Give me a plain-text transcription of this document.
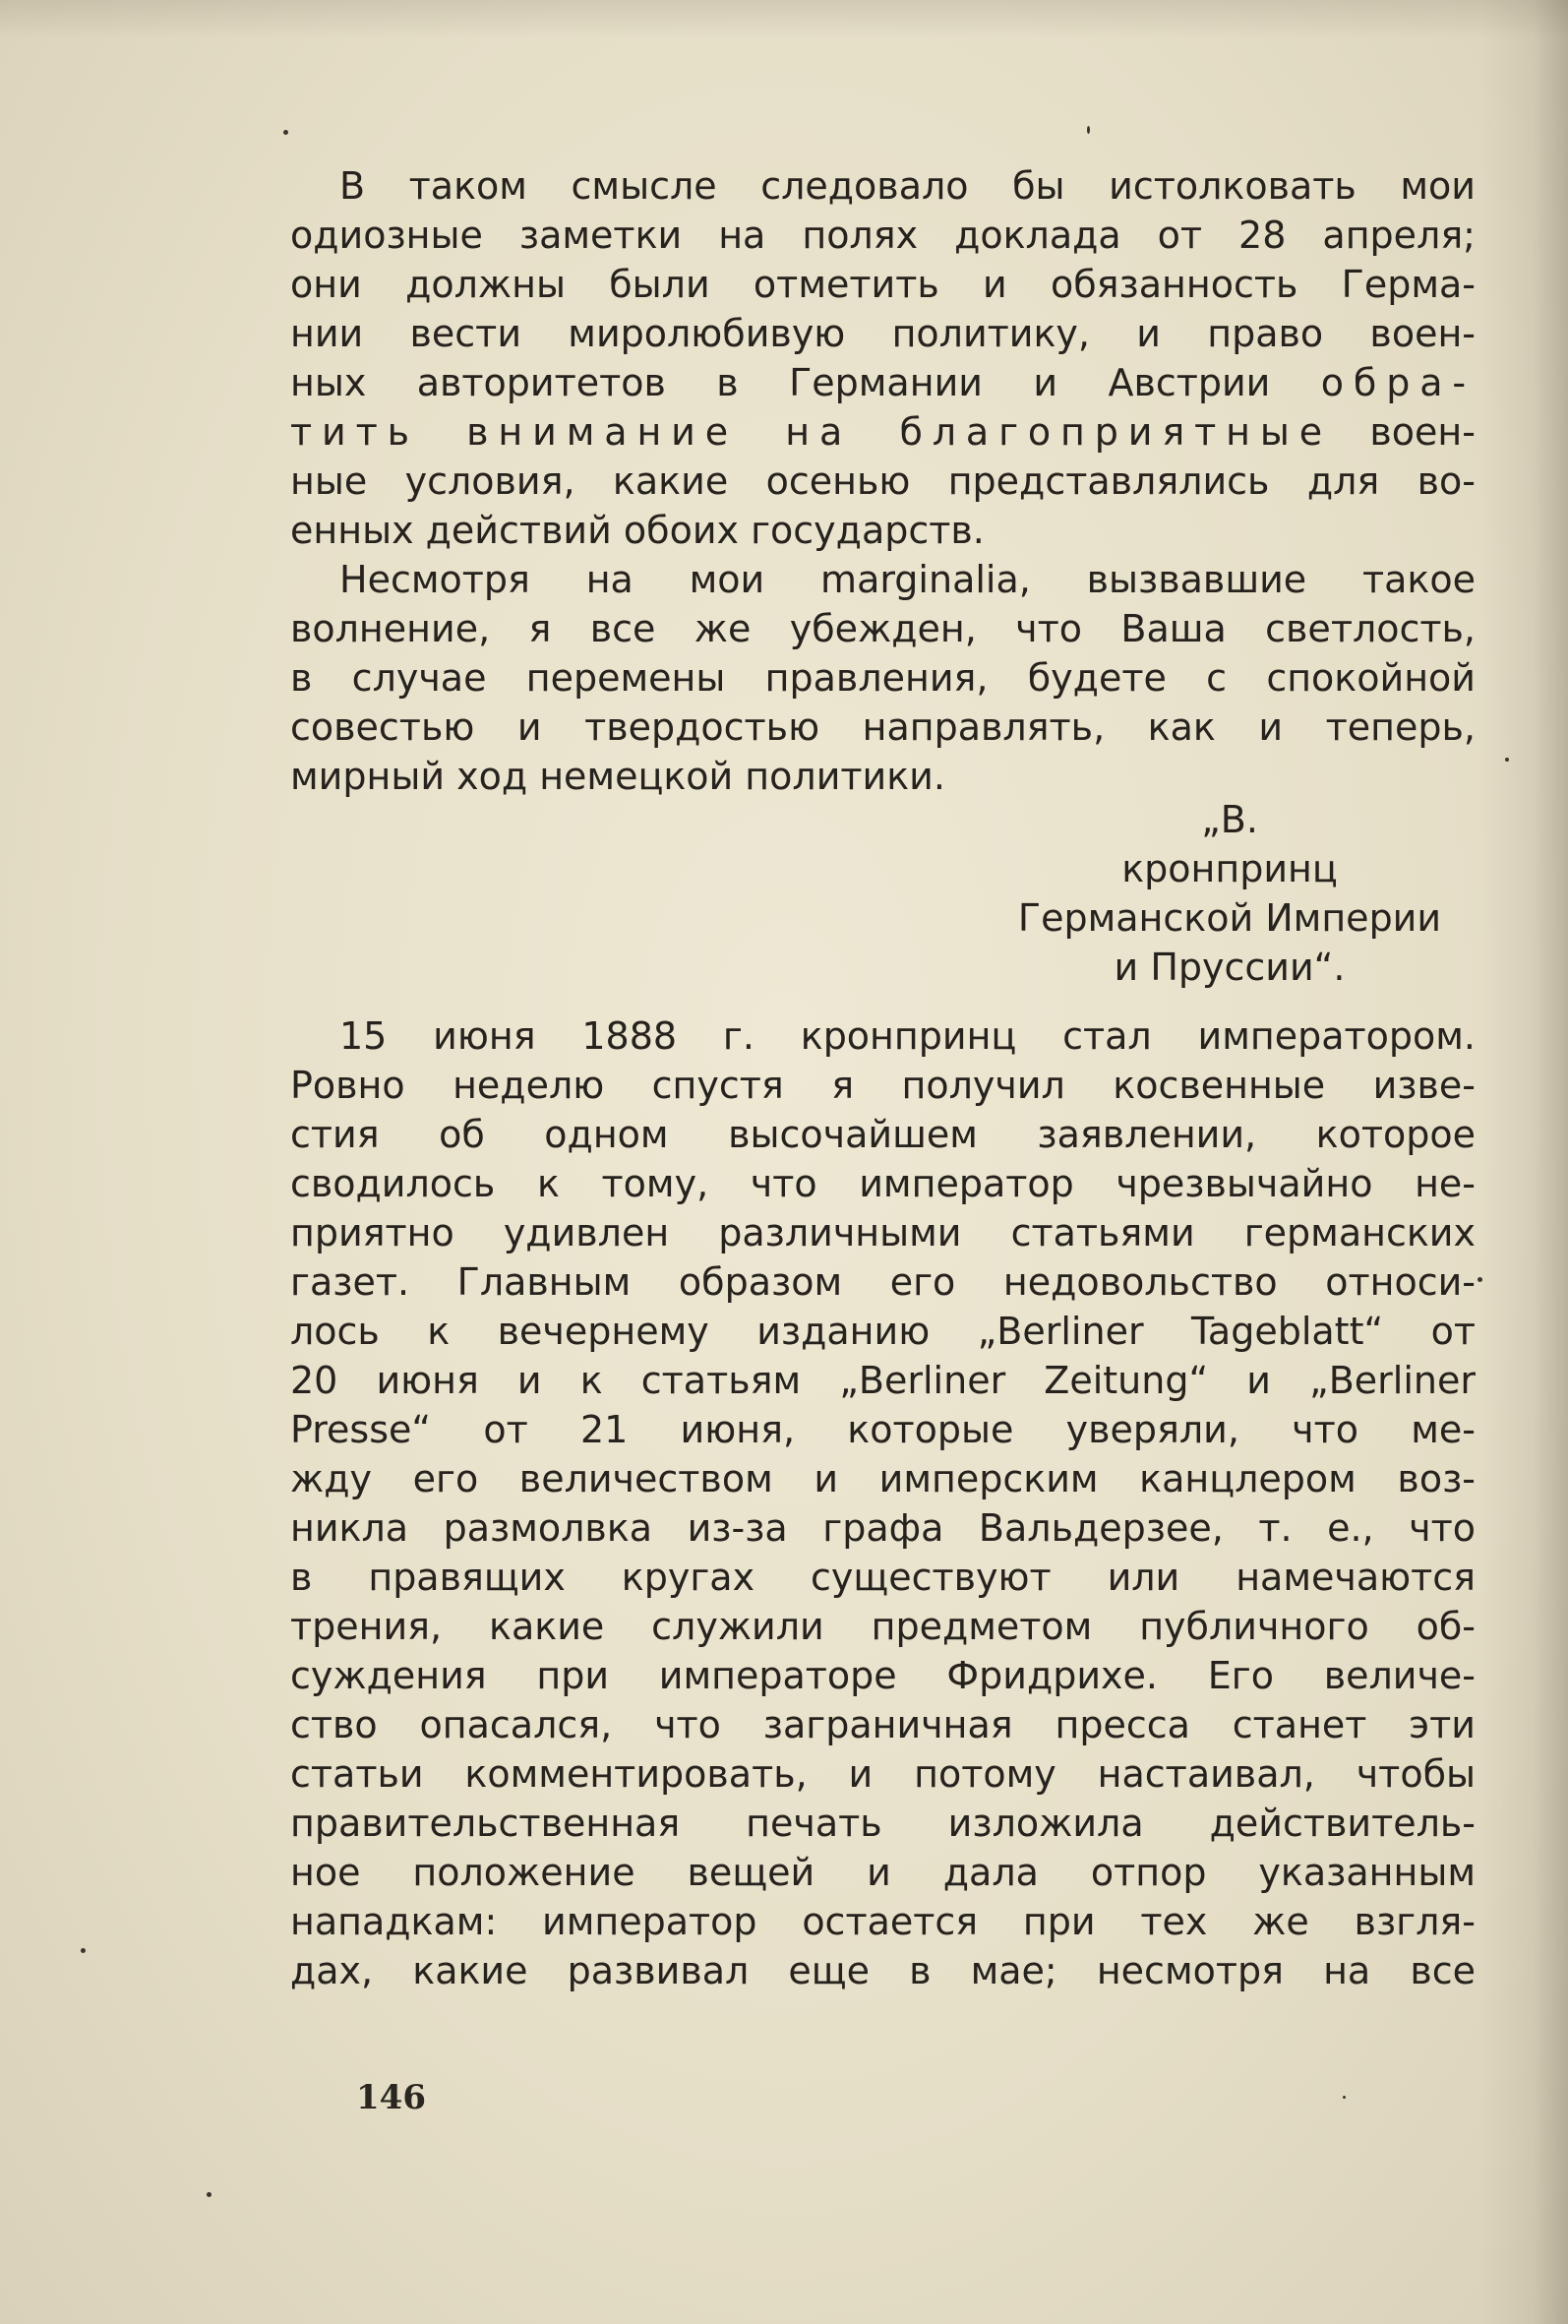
В таком смысле следовало бы истолковать мои
одиозные заметки на полях доклада от 28 апреля;
они должны были отметить и обязанность Герма-
нии вести миролюбивую политику, и право воен-
ных авторитетов в Германии и Австрии обра-
тить внимание на благоприятные воен-
ные условия, какие осенью представлялись для во-
енных действий обоих государств.

Несмотря на мои marginalia, вызвавшие такое
волнение, я все же убежден, что Ваша светлость,
в случае перемены правления, будете с спокойной
совестью и твердостью направлять, как и теперь,
мирный ход немецкой политики.

„В.
кронпринц
Германской Империи
и Пруссии“.

15 июня 1888 г. кронпринц стал императором.
Ровно неделю спустя я получил косвенные изве-
стия об одном высочайшем заявлении, которое
сводилось к тому, что император чрезвычайно не-
приятно удивлен различными статьями германских
газет. Главным образом его недовольство относи-
лось к вечернему изданию „Berliner Tageblatt“ от
20 июня и к статьям „Berliner Zeitung“ и „Berliner
Presse“ от 21 июня, которые уверяли, что ме-
жду его величеством и имперским канцлером воз-
никла размолвка из-за графа Вальдерзее, т. е., что
в правящих кругах существуют или намечаются
трения, какие служили предметом публичного об-
суждения при императоре Фридрихе. Его величе-
ство опасался, что заграничная пресса станет эти
статьи комментировать, и потому настаивал, чтобы
правительственная печать изложила действитель-
ное положение вещей и дала отпор указанным
нападкам: император остается при тех же взгля-
дах, какие развивал еще в мае; несмотря на все

146
